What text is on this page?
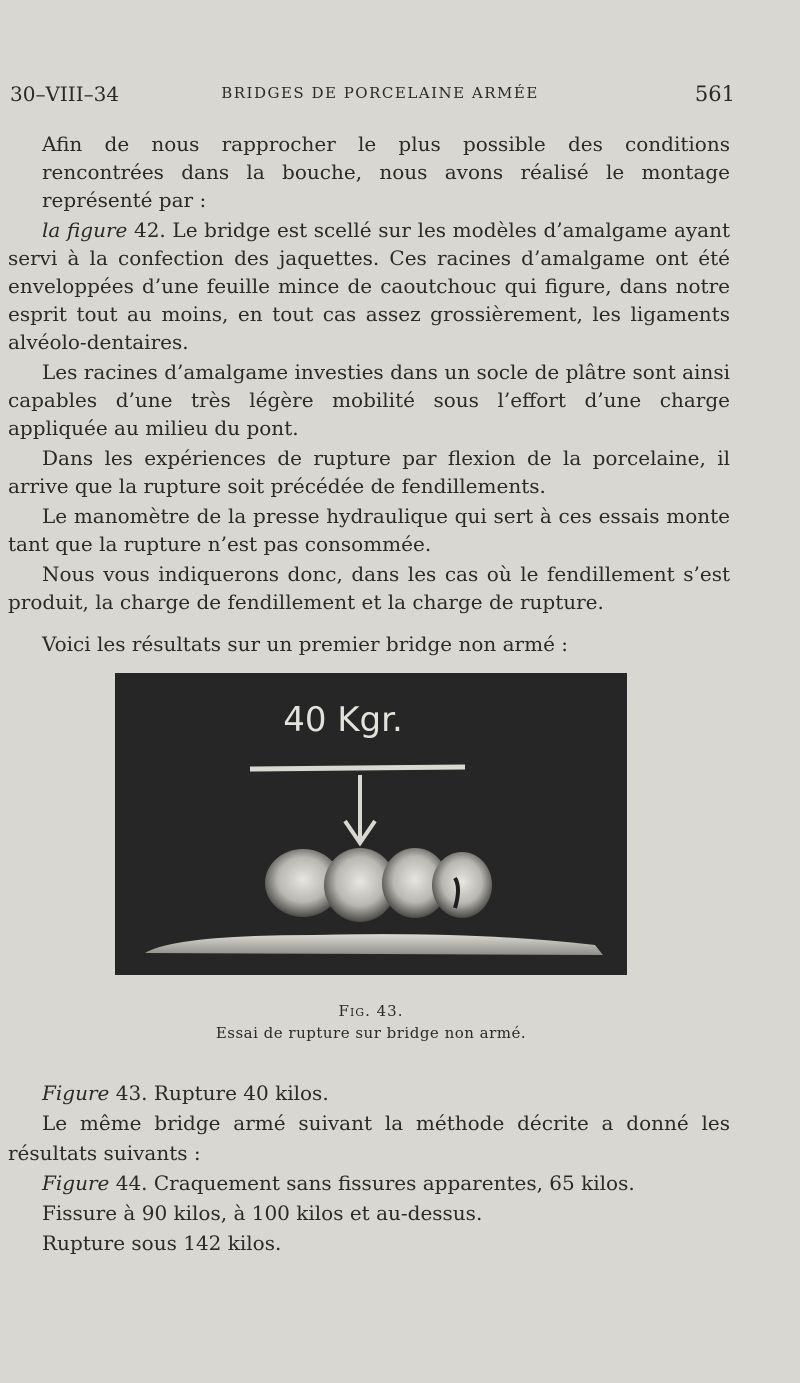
30–VIII–34	BRIDGES DE PORCELAINE ARMÉE	561

Afin de nous rapprocher le plus possible des conditions rencontrées dans la bouche, nous avons réalisé le montage représenté par :

la figure 42. Le bridge est scellé sur les modèles d’amalgame ayant servi à la confection des jaquettes. Ces racines d’amalgame ont été enveloppées d’une feuille mince de caoutchouc qui figure, dans notre esprit tout au moins, en tout cas assez grossièrement, les ligaments alvéolo-dentaires.

Les racines d’amalgame investies dans un socle de plâtre sont ainsi capables d’une très légère mobilité sous l’effort d’une charge appliquée au milieu du pont.

Dans les expériences de rupture par flexion de la porcelaine, il arrive que la rupture soit précédée de fendillements.

Le manomètre de la presse hydraulique qui sert à ces essais monte tant que la rupture n’est pas consommée.

Nous vous indiquerons donc, dans les cas où le fendillement s’est produit, la charge de fendillement et la charge de rupture.

Voici les résultats sur un premier bridge non armé :

40 Kgr.
Fig. 43.
Essai de rupture sur bridge non armé.

Figure 43. Rupture 40 kilos.

Le même bridge armé suivant la méthode décrite a donné les résultats suivants :

Figure 44. Craquement sans fissures apparentes, 65 kilos.

Fissure à 90 kilos, à 100 kilos et au-dessus.

Rupture sous 142 kilos.
